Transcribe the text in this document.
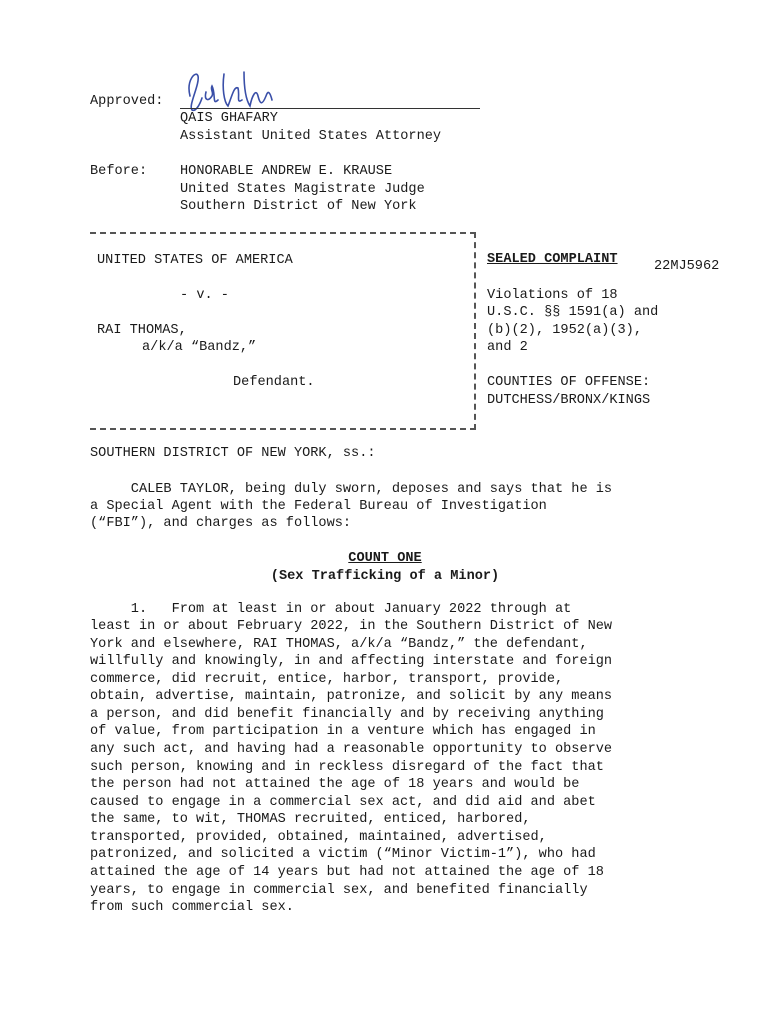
Approved:
QAIS GHAFARY
Assistant United States Attorney
Before: HONORABLE ANDREW E. KRAUSE
United States Magistrate Judge
Southern District of New York
UNITED STATES OF AMERICA
- v. -
RAI THOMAS,
a/k/a “Bandz,”
Defendant.
SEALED COMPLAINT	22MJ5962
Violations of 18
U.S.C. §§ 1591(a) and
(b)(2), 1952(a)(3),
and 2
COUNTIES OF OFFENSE:
DUTCHESS/BRONX/KINGS
SOUTHERN DISTRICT OF NEW YORK, ss.:
CALEB TAYLOR, being duly sworn, deposes and says that he is
a Special Agent with the Federal Bureau of Investigation
(“FBI”), and charges as follows:
COUNT ONE
(Sex Trafficking of a Minor)
1.   From at least in or about January 2022 through at
least in or about February 2022, in the Southern District of New
York and elsewhere, RAI THOMAS, a/k/a “Bandz,” the defendant,
willfully and knowingly, in and affecting interstate and foreign
commerce, did recruit, entice, harbor, transport, provide,
obtain, advertise, maintain, patronize, and solicit by any means
a person, and did benefit financially and by receiving anything
of value, from participation in a venture which has engaged in
any such act, and having had a reasonable opportunity to observe
such person, knowing and in reckless disregard of the fact that
the person had not attained the age of 18 years and would be
caused to engage in a commercial sex act, and did aid and abet
the same, to wit, THOMAS recruited, enticed, harbored,
transported, provided, obtained, maintained, advertised,
patronized, and solicited a victim (“Minor Victim-1”), who had
attained the age of 14 years but had not attained the age of 18
years, to engage in commercial sex, and benefited financially
from such commercial sex.
